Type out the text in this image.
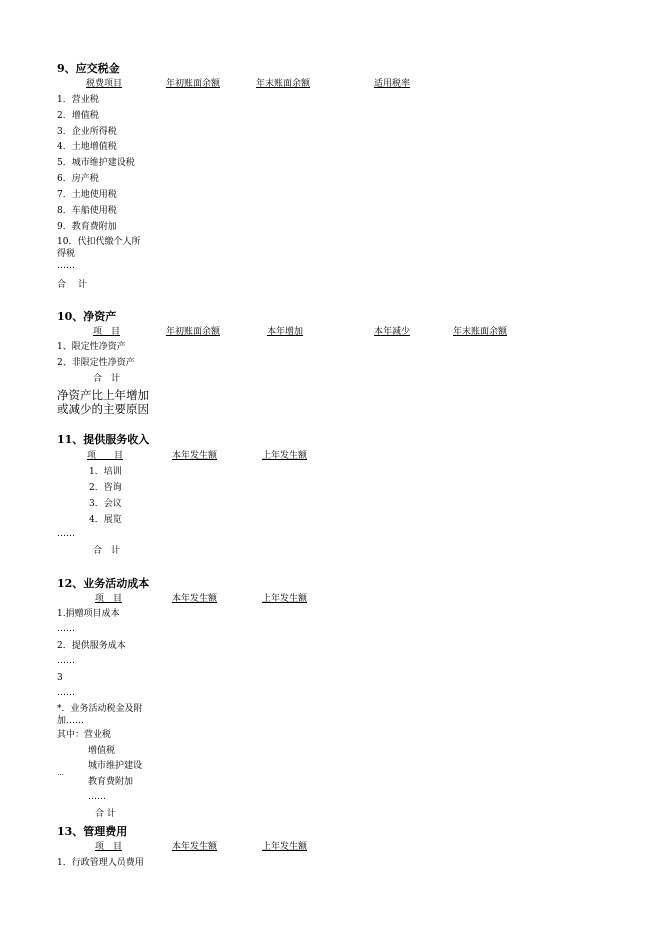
9、应交税金
税费项目	年初账面余额	年末账面余额	适用税率
1．营业税
2．增值税
3．企业所得税
4．土地增值税
5．城市维护建设税
6．房产税
7．土地使用税
8．车船使用税
9．教育费附加
10．代扣代缴个人所
得税
……
合　 计
10、净资产
项　目	年初账面余额	本年增加	本年减少	年末账面余额
1、限定性净资产
2、非限定性净资产
合　计
净资产比上年增加
或减少的主要原因
11、提供服务收入
项　　目	本年发生额	上年发生额
1．培训
2．咨询
3．会议
4．展览
……
合　计
12、业务活动成本
项　目	本年发生额	上年发生额
1.捐赠项目成本
……
2．提供服务成本
……
3
……
*．业务活动税金及附
加……
其中：营业税
增值税
城市维护建设
…
教育费附加
……
合 计
13、管理费用
项　目	本年发生额	上年发生额
1．行政管理人员费用
